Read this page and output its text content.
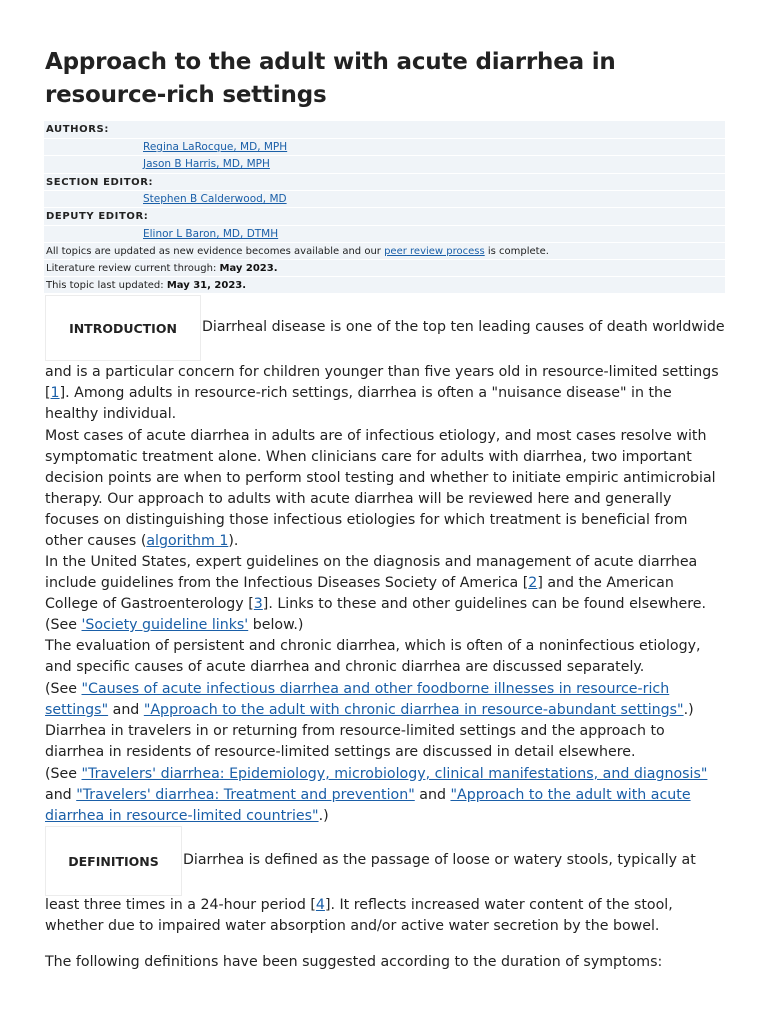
Approach to the adult with acute diarrhea in resource-rich settings
AUTHORS:
Regina LaRocque, MD, MPH
Jason B Harris, MD, MPH
SECTION EDITOR:
Stephen B Calderwood, MD
DEPUTY EDITOR:
Elinor L Baron, MD, DTMH
All topics are updated as new evidence becomes available and our peer review process is complete.
Literature review current through: May 2023.
This topic last updated: May 31, 2023.
INTRODUCTION	Diarrheal disease is one of the top ten leading causes of death worldwide

and is a particular concern for children younger than five years old in resource-limited settings [1]. Among adults in resource-rich settings, diarrhea is often a "nuisance disease" in the healthy individual.

Most cases of acute diarrhea in adults are of infectious etiology, and most cases resolve with symptomatic treatment alone. When clinicians care for adults with diarrhea, two important decision points are when to perform stool testing and whether to initiate empiric antimicrobial therapy. Our approach to adults with acute diarrhea will be reviewed here and generally focuses on distinguishing those infectious etiologies for which treatment is beneficial from other causes (algorithm 1).

In the United States, expert guidelines on the diagnosis and management of acute diarrhea include guidelines from the Infectious Diseases Society of America [2] and the American College of Gastroenterology [3]. Links to these and other guidelines can be found elsewhere.

(See 'Society guideline links' below.)

The evaluation of persistent and chronic diarrhea, which is often of a noninfectious etiology, and specific causes of acute diarrhea and chronic diarrhea are discussed separately.

(See "Causes of acute infectious diarrhea and other foodborne illnesses in resource-rich settings" and "Approach to the adult with chronic diarrhea in resource-abundant settings".)

Diarrhea in travelers in or returning from resource-limited settings and the approach to diarrhea in residents of resource-limited settings are discussed in detail elsewhere.

(See "Travelers' diarrhea: Epidemiology, microbiology, clinical manifestations, and diagnosis" and "Travelers' diarrhea: Treatment and prevention" and "Approach to the adult with acute diarrhea in resource-limited countries".)

DEFINITIONS	Diarrhea is defined as the passage of loose or watery stools, typically at

least three times in a 24-hour period [4]. It reflects increased water content of the stool, whether due to impaired water absorption and/or active water secretion by the bowel.

The following definitions have been suggested according to the duration of symptoms:
